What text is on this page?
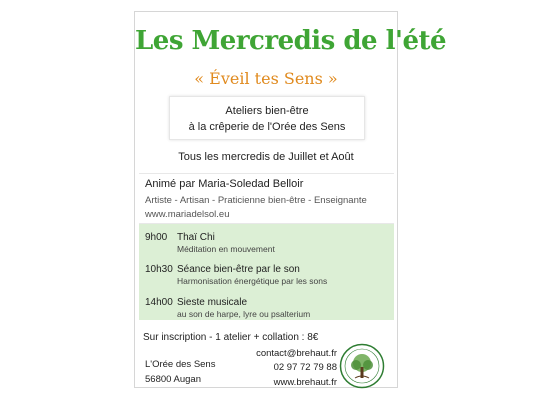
Les Mercredis de l'été
« Éveil tes Sens »
Ateliers bien-être
à la crêperie de l'Orée des Sens
Tous les mercredis de Juillet et Août
Animé par Maria-Soledad Belloir
Artiste - Artisan - Praticienne bien-être - Enseignante
www.mariadelsol.eu
9h00 Thaï Chi
Méditation en mouvement
10h30 Séance bien-être par le son
Harmonisation énergétique par les sons
14h00 Sieste musicale
au son de harpe, lyre ou psalterium
Sur inscription - 1 atelier + collation : 8€
L'Orée des Sens
56800 Augan
contact@brehaut.fr
02 97 72 79 88
www.brehaut.fr
